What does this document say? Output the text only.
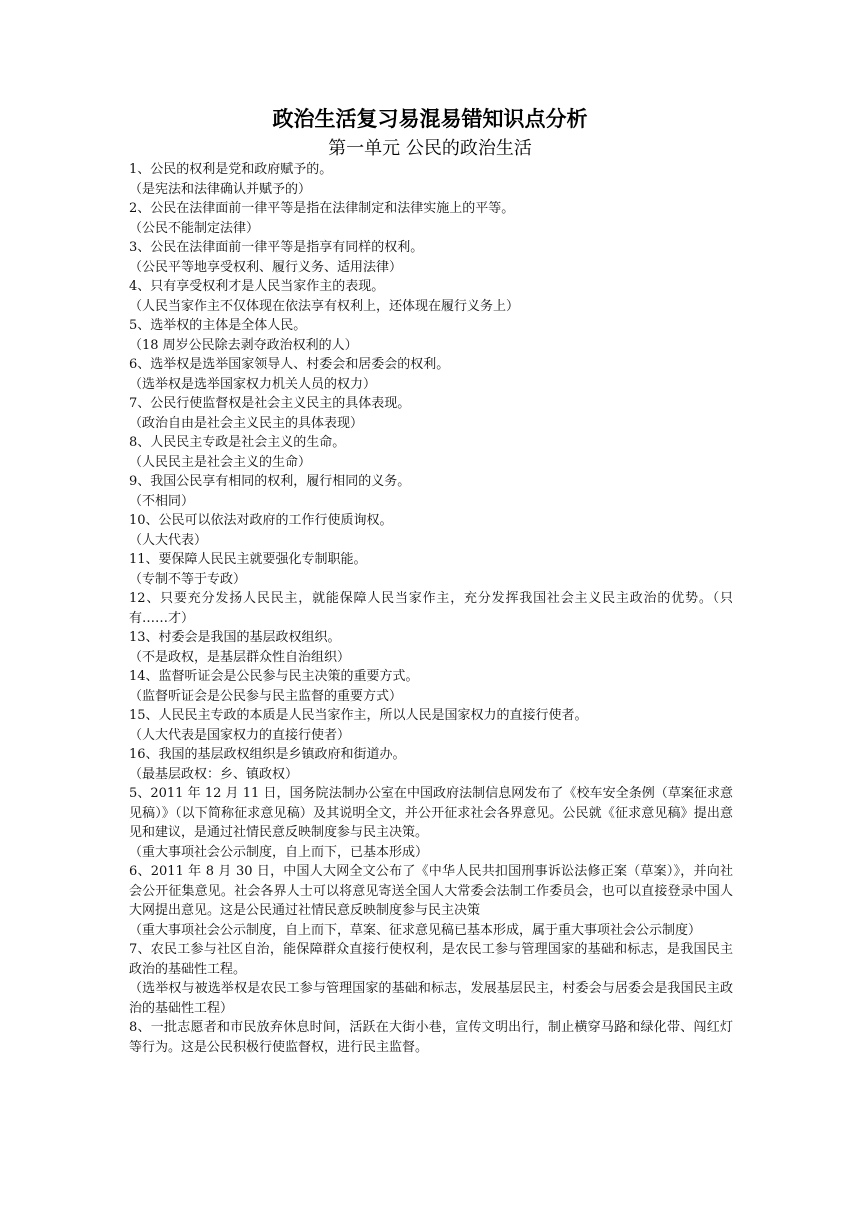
政治生活复习易混易错知识点分析
第一单元 公民的政治生活

1、公民的权利是党和政府赋予的。

（是宪法和法律确认并赋予的）

2、公民在法律面前一律平等是指在法律制定和法律实施上的平等。

（公民不能制定法律）

3、公民在法律面前一律平等是指享有同样的权利。

（公民平等地享受权利、履行义务、适用法律）

4、只有享受权利才是人民当家作主的表现。

（人民当家作主不仅体现在依法享有权利上，还体现在履行义务上）

5、选举权的主体是全体人民。

（18 周岁公民除去剥夺政治权利的人）

6、选举权是选举国家领导人、村委会和居委会的权利。

（选举权是选举国家权力机关人员的权力）

7、公民行使监督权是社会主义民主的具体表现。

（政治自由是社会主义民主的具体表现）

8、人民民主专政是社会主义的生命。

（人民民主是社会主义的生命）

9、我国公民享有相同的权利，履行相同的义务。

（不相同）

10、公民可以依法对政府的工作行使质询权。

（人大代表）

11、要保障人民民主就要强化专制职能。

（专制不等于专政）

12、只要充分发扬人民民主，就能保障人民当家作主，充分发挥我国社会主义民主政治的优势。（只有……才）

13、村委会是我国的基层政权组织。

（不是政权，是基层群众性自治组织）

14、监督听证会是公民参与民主决策的重要方式。

（监督听证会是公民参与民主监督的重要方式）

15、人民民主专政的本质是人民当家作主，所以人民是国家权力的直接行使者。

（人大代表是国家权力的直接行使者）

16、我国的基层政权组织是乡镇政府和街道办。

（最基层政权：乡、镇政权）

5、2011 年 12 月 11 日，国务院法制办公室在中国政府法制信息网发布了《校车安全条例（草案征求意见稿）》（以下简称征求意见稿）及其说明全文，并公开征求社会各界意见。公民就《征求意见稿》提出意见和建议，是通过社情民意反映制度参与民主决策。

（重大事项社会公示制度，自上而下，已基本形成）

6、2011 年 8 月 30 日，中国人大网全文公布了《中华人民共扣国刑事诉讼法修正案（草案）》，并向社会公开征集意见。社会各界人士可以将意见寄送全国人大常委会法制工作委员会，也可以直接登录中国人大网提出意见。这是公民通过社情民意反映制度参与民主决策

（重大事项社会公示制度，自上而下，草案、征求意见稿已基本形成，属于重大事项社会公示制度）

7、农民工参与社区自治，能保障群众直接行使权利，是农民工参与管理国家的基础和标志，是我国民主政治的基础性工程。

（选举权与被选举权是农民工参与管理国家的基础和标志，发展基层民主，村委会与居委会是我国民主政治的基础性工程）

8、一批志愿者和市民放弃休息时间，活跃在大街小巷，宣传文明出行，制止横穿马路和绿化带、闯红灯等行为。这是公民积极行使监督权，进行民主监督。
